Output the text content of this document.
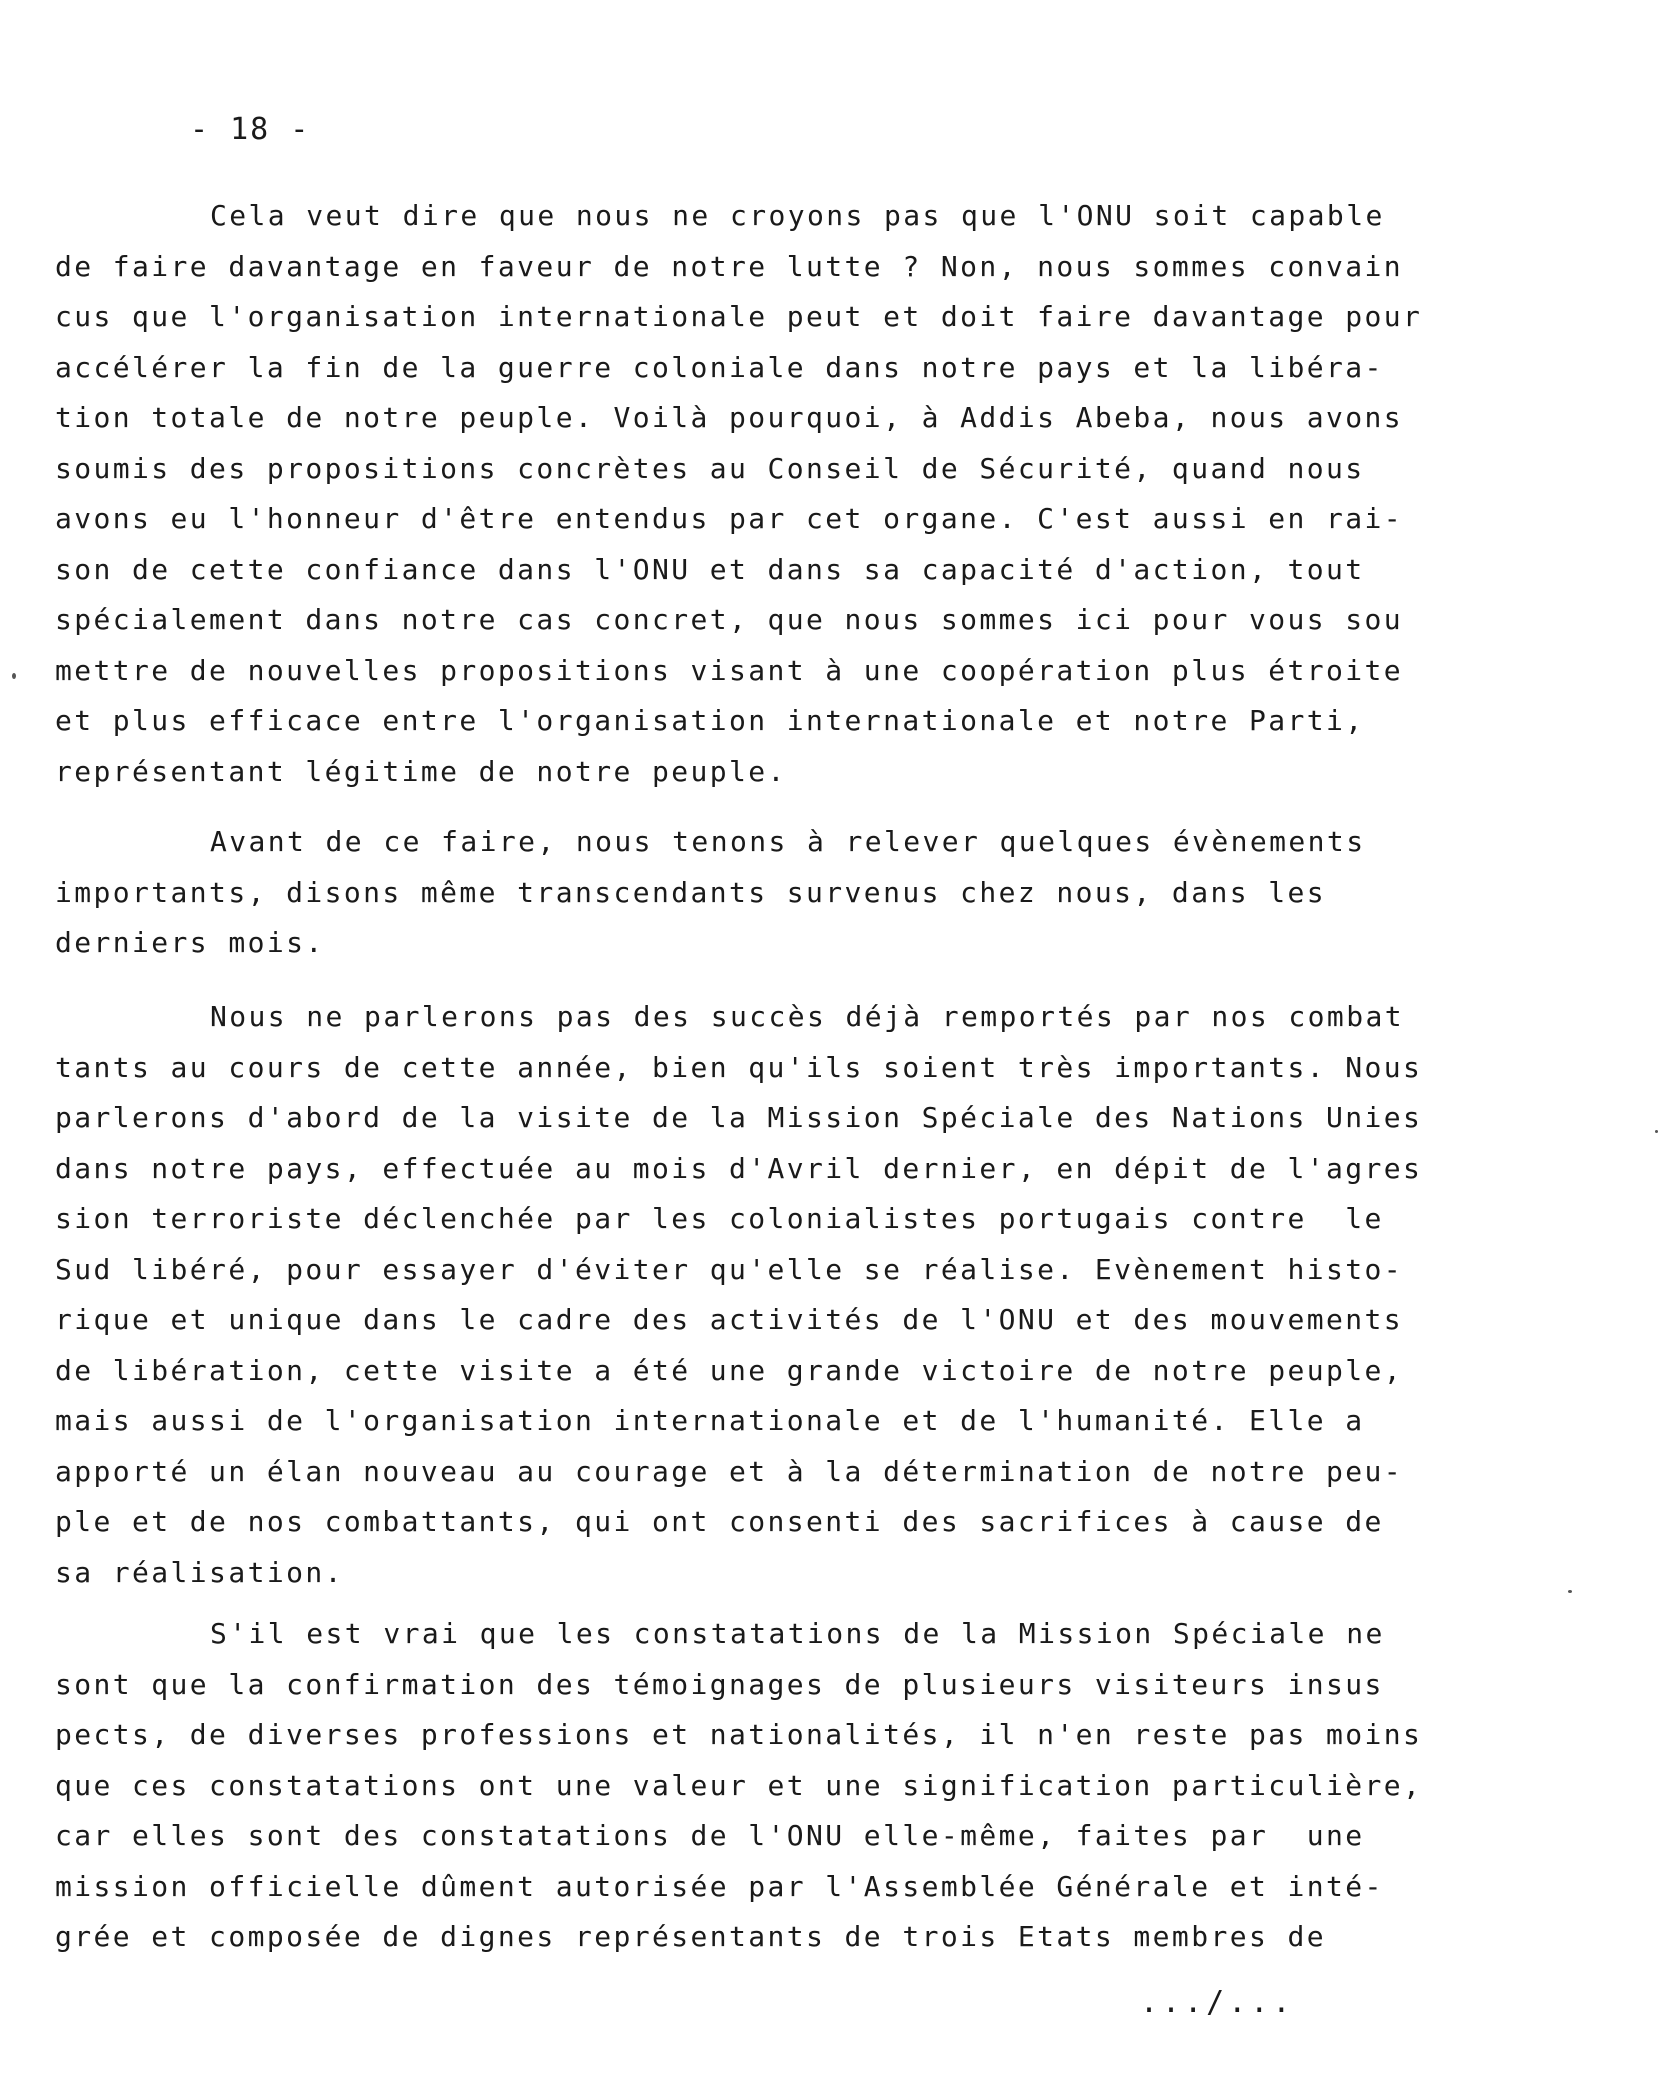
- 18 -
Cela veut dire que nous ne croyons pas que l'ONU soit capable
de faire davantage en faveur de notre lutte ? Non, nous sommes convain
cus que l'organisation internationale peut et doit faire davantage pour
accélérer la fin de la guerre coloniale dans notre pays et la libéra-
tion totale de notre peuple. Voilà pourquoi, à Addis Abeba, nous avons
soumis des propositions concrètes au Conseil de Sécurité, quand nous
avons eu l'honneur d'être entendus par cet organe. C'est aussi en rai-
son de cette confiance dans l'ONU et dans sa capacité d'action, tout
spécialement dans notre cas concret, que nous sommes ici pour vous sou
mettre de nouvelles propositions visant à une coopération plus étroite
et plus efficace entre l'organisation internationale et notre Parti,
représentant légitime de notre peuple.
Avant de ce faire, nous tenons à relever quelques évènements
importants, disons même transcendants survenus chez nous, dans les
derniers mois.
Nous ne parlerons pas des succès déjà remportés par nos combat
tants au cours de cette année, bien qu'ils soient très importants. Nous
parlerons d'abord de la visite de la Mission Spéciale des Nations Unies
dans notre pays, effectuée au mois d'Avril dernier, en dépit de l'agres
sion terroriste déclenchée par les colonialistes portugais contre  le
Sud libéré, pour essayer d'éviter qu'elle se réalise. Evènement histo-
rique et unique dans le cadre des activités de l'ONU et des mouvements
de libération, cette visite a été une grande victoire de notre peuple,
mais aussi de l'organisation internationale et de l'humanité. Elle a
apporté un élan nouveau au courage et à la détermination de notre peu-
ple et de nos combattants, qui ont consenti des sacrifices à cause de
sa réalisation.
S'il est vrai que les constatations de la Mission Spéciale ne
sont que la confirmation des témoignages de plusieurs visiteurs insus
pects, de diverses professions et nationalités, il n'en reste pas moins
que ces constatations ont une valeur et une signification particulière,
car elles sont des constatations de l'ONU elle-même, faites par  une
mission officielle dûment autorisée par l'Assemblée Générale et inté-
grée et composée de dignes représentants de trois Etats membres de
.../...
